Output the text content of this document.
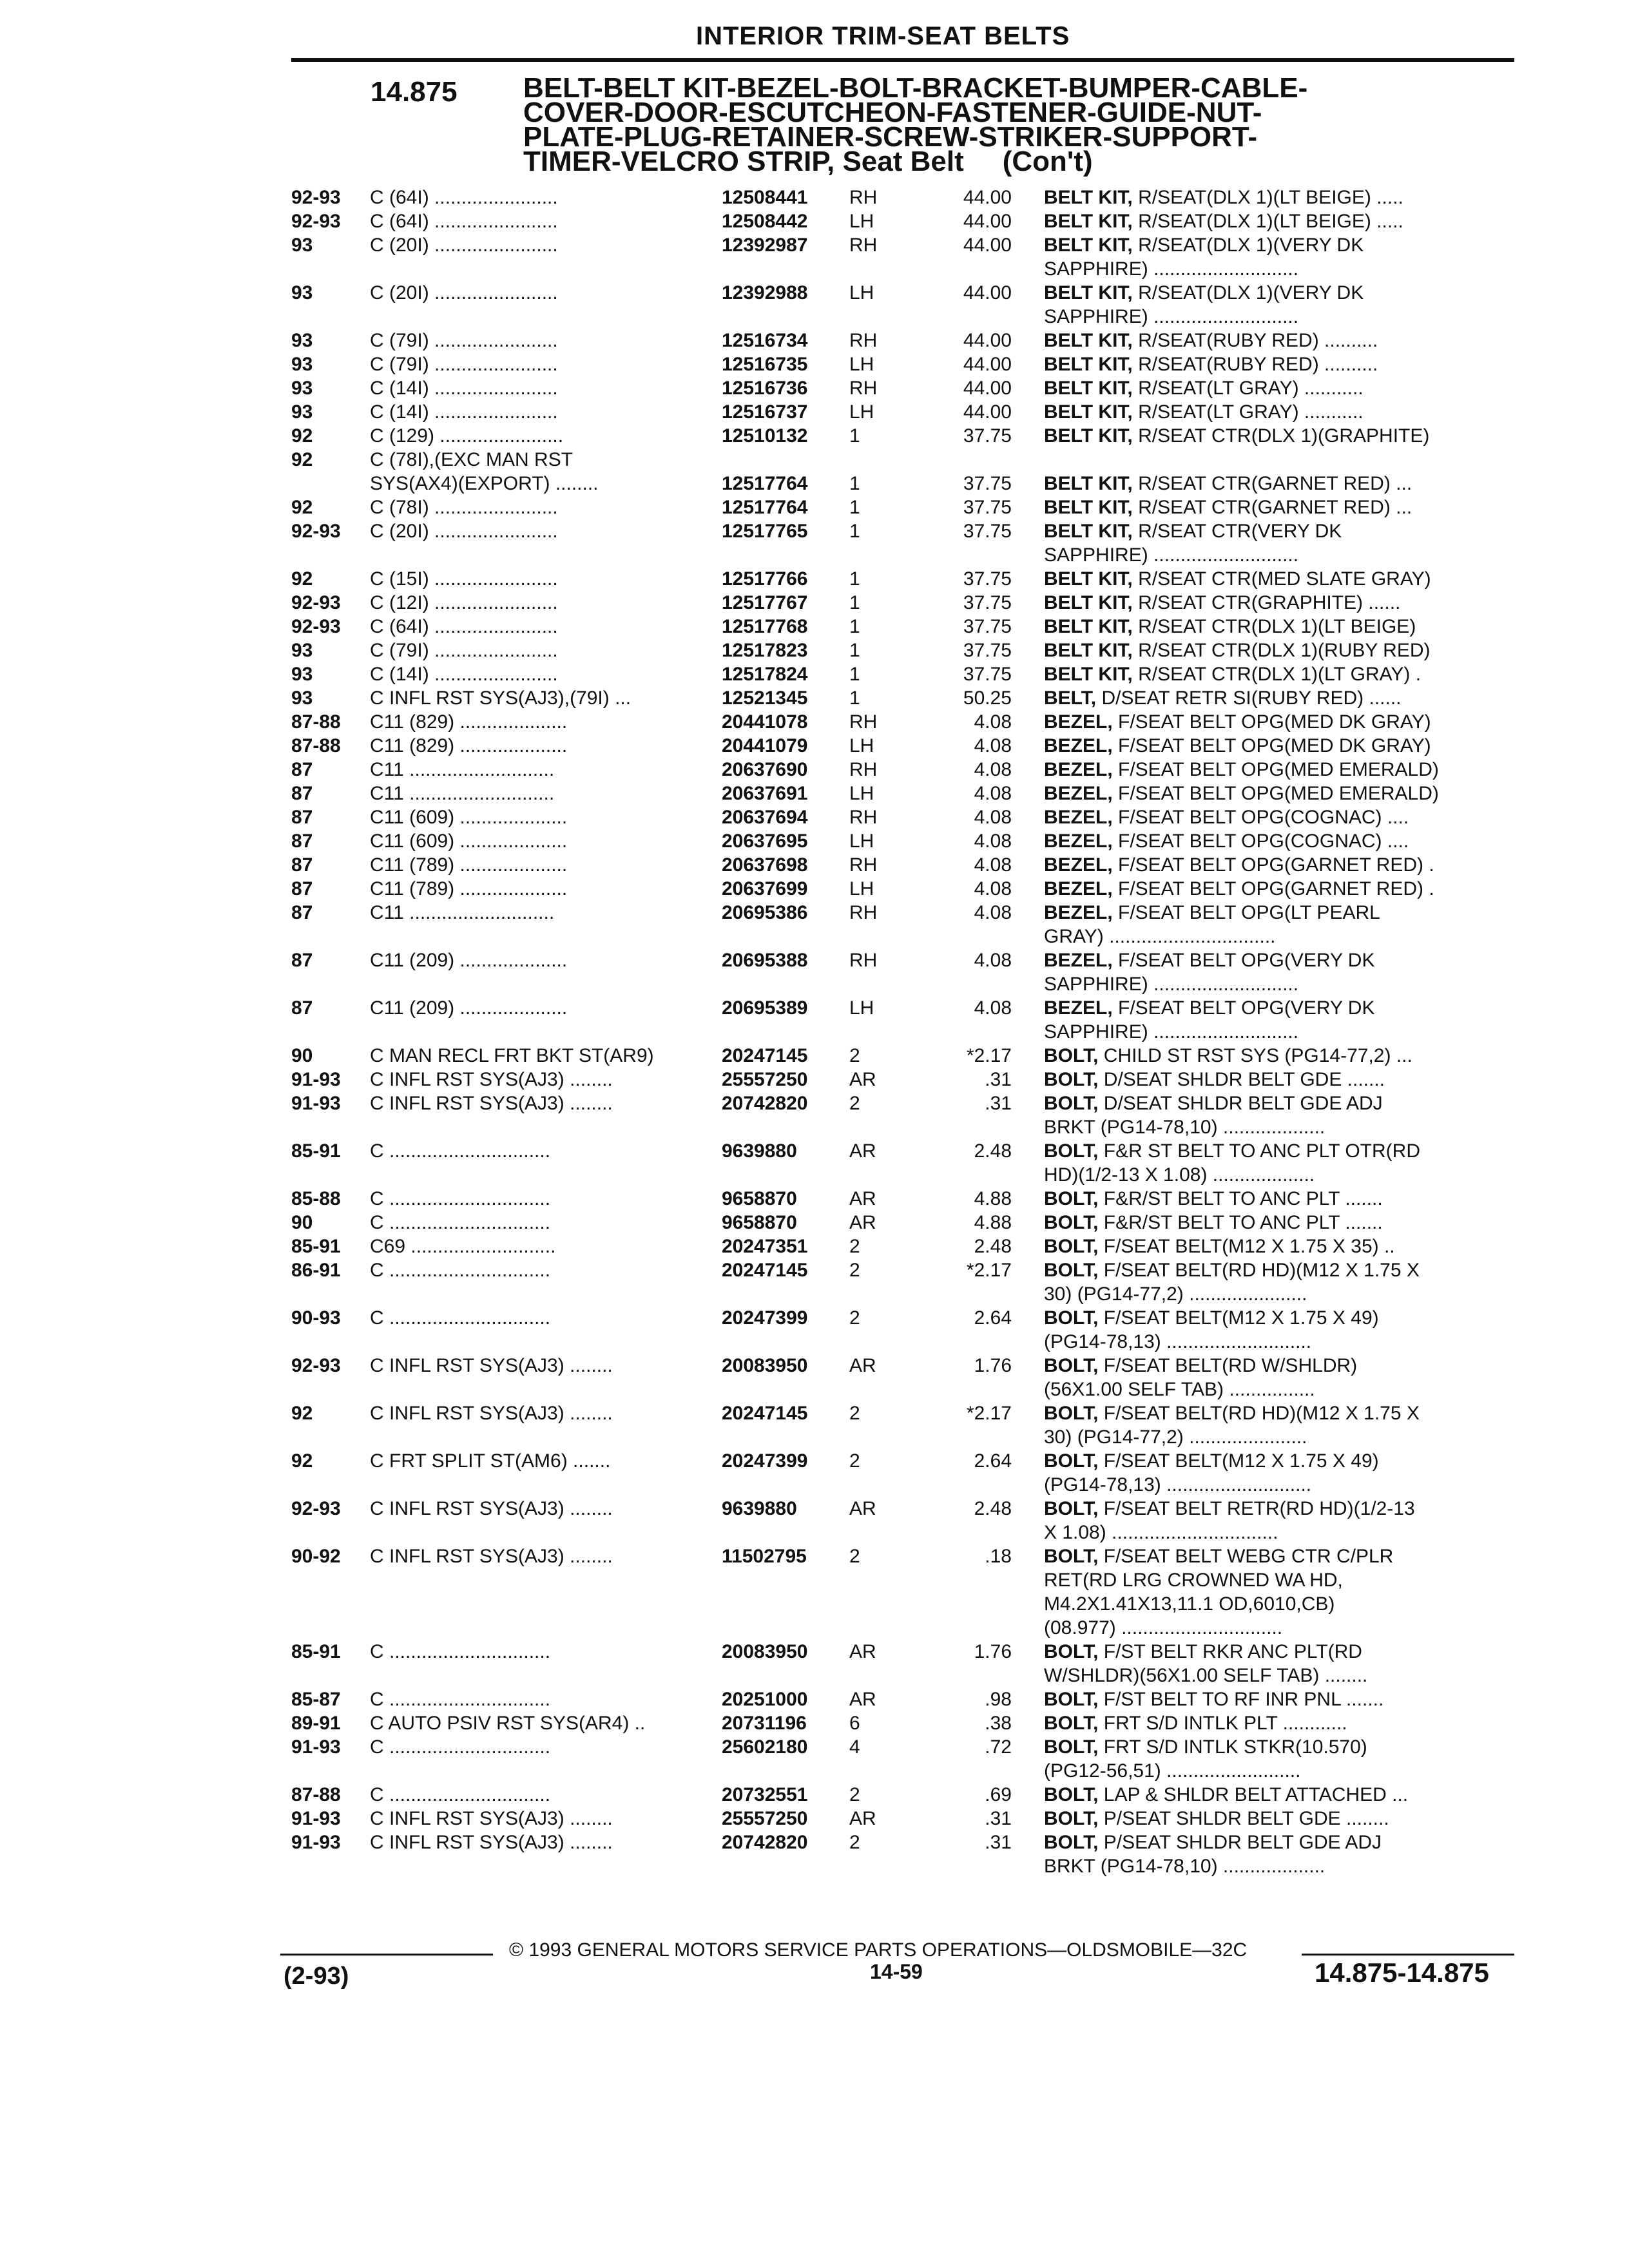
INTERIOR TRIM-SEAT BELTS
14.875 BELT-BELT KIT-BEZEL-BOLT-BRACKET-BUMPER-CABLE-
COVER-DOOR-ESCUTCHEON-FASTENER-GUIDE-NUT-
PLATE-PLUG-RETAINER-SCREW-STRIKER-SUPPORT-
TIMER-VELCRO STRIP, Seat Belt (Con't)
92-93 C (64I) .......................	12508441 RH	44.00 BELT KIT, R/SEAT(DLX 1)(LT BEIGE) .....
92-93 C (64I) .......................	12508442 LH	44.00 BELT KIT, R/SEAT(DLX 1)(LT BEIGE) .....
93	C (20I) .......................	12392987 RH	44.00 BELT KIT, R/SEAT(DLX 1)(VERY DK
SAPPHIRE) ...........................
93	C (20I) .......................	12392988 LH	44.00 BELT KIT, R/SEAT(DLX 1)(VERY DK
SAPPHIRE) ...........................
93	C (79I) .......................	12516734 RH	44.00 BELT KIT, R/SEAT(RUBY RED) ..........
93	C (79I) .......................	12516735 LH	44.00 BELT KIT, R/SEAT(RUBY RED) ..........
93	C (14I) .......................	12516736 RH	44.00 BELT KIT, R/SEAT(LT GRAY) ...........
93	C (14I) .......................	12516737 LH	44.00 BELT KIT, R/SEAT(LT GRAY) ...........
92	C (129) .......................	12510132 1	37.75 BELT KIT, R/SEAT CTR(DLX 1)(GRAPHITE)
92	C (78I),(EXC MAN RST
SYS(AX4)(EXPORT) ........	12517764 1	37.75 BELT KIT, R/SEAT CTR(GARNET RED) ...
92	C (78I) .......................	12517764 1	37.75 BELT KIT, R/SEAT CTR(GARNET RED) ...
92-93 C (20I) .......................	12517765 1	37.75 BELT KIT, R/SEAT CTR(VERY DK
SAPPHIRE) ...........................
92	C (15I) .......................	12517766 1	37.75 BELT KIT, R/SEAT CTR(MED SLATE GRAY)
92-93 C (12I) .......................	12517767 1	37.75 BELT KIT, R/SEAT CTR(GRAPHITE) ......
92-93 C (64I) .......................	12517768 1	37.75 BELT KIT, R/SEAT CTR(DLX 1)(LT BEIGE)
93	C (79I) .......................	12517823 1	37.75 BELT KIT, R/SEAT CTR(DLX 1)(RUBY RED)
93	C (14I) .......................	12517824 1	37.75 BELT KIT, R/SEAT CTR(DLX 1)(LT GRAY) .
93	C INFL RST SYS(AJ3),(79I) ...	12521345 1	50.25 BELT, D/SEAT RETR SI(RUBY RED) ......
87-88 C11 (829) ....................	20441078 RH	4.08 BEZEL, F/SEAT BELT OPG(MED DK GRAY)
87-88 C11 (829) ....................	20441079 LH	4.08 BEZEL, F/SEAT BELT OPG(MED DK GRAY)
87	C11 ...........................	20637690 RH	4.08 BEZEL, F/SEAT BELT OPG(MED EMERALD)
87	C11 ...........................	20637691 LH	4.08 BEZEL, F/SEAT BELT OPG(MED EMERALD)
87	C11 (609) ....................	20637694 RH	4.08 BEZEL, F/SEAT BELT OPG(COGNAC) ....
87	C11 (609) ....................	20637695 LH	4.08 BEZEL, F/SEAT BELT OPG(COGNAC) ....
87	C11 (789) ....................	20637698 RH	4.08 BEZEL, F/SEAT BELT OPG(GARNET RED) .
87	C11 (789) ....................	20637699 LH	4.08 BEZEL, F/SEAT BELT OPG(GARNET RED) .
87	C11 ...........................	20695386 RH	4.08 BEZEL, F/SEAT BELT OPG(LT PEARL
GRAY) ...............................
87	C11 (209) ....................	20695388 RH	4.08 BEZEL, F/SEAT BELT OPG(VERY DK
SAPPHIRE) ...........................
87	C11 (209) ....................	20695389 LH	4.08 BEZEL, F/SEAT BELT OPG(VERY DK
SAPPHIRE) ...........................
90	C MAN RECL FRT BKT ST(AR9)	20247145 2	*2.17 BOLT, CHILD ST RST SYS (PG14-77,2) ...
91-93 C INFL RST SYS(AJ3) ........	25557250 AR	.31 BOLT, D/SEAT SHLDR BELT GDE .......
91-93 C INFL RST SYS(AJ3) ........	20742820 2	.31 BOLT, D/SEAT SHLDR BELT GDE ADJ
BRKT (PG14-78,10) ...................
85-91 C ..............................	9639880	AR	2.48 BOLT, F&R ST BELT TO ANC PLT OTR(RD
HD)(1/2-13 X 1.08) ...................
85-88 C ..............................	9658870	AR	4.88 BOLT, F&R/ST BELT TO ANC PLT .......
90	C ..............................	9658870	AR	4.88 BOLT, F&R/ST BELT TO ANC PLT .......
85-91 C69 ...........................	20247351 2	2.48 BOLT, F/SEAT BELT(M12 X 1.75 X 35) ..
86-91 C ..............................	20247145 2	*2.17 BOLT, F/SEAT BELT(RD HD)(M12 X 1.75 X
30) (PG14-77,2) ......................
90-93 C ..............................	20247399 2	2.64 BOLT, F/SEAT BELT(M12 X 1.75 X 49)
(PG14-78,13) ...........................
92-93 C INFL RST SYS(AJ3) ........	20083950 AR	1.76 BOLT, F/SEAT BELT(RD W/SHLDR)
(56X1.00 SELF TAB) ................
92	C INFL RST SYS(AJ3) ........	20247145 2	*2.17 BOLT, F/SEAT BELT(RD HD)(M12 X 1.75 X
30) (PG14-77,2) ......................
92	C FRT SPLIT ST(AM6) .......	20247399 2	2.64 BOLT, F/SEAT BELT(M12 X 1.75 X 49)
(PG14-78,13) ...........................
92-93 C INFL RST SYS(AJ3) ........	9639880	AR	2.48 BOLT, F/SEAT BELT RETR(RD HD)(1/2-13
X 1.08) ...............................
90-92 C INFL RST SYS(AJ3) ........	11502795 2	.18 BOLT, F/SEAT BELT WEBG CTR C/PLR
RET(RD LRG CROWNED WA HD,
M4.2X1.41X13,11.1 OD,6010,CB)
(08.977) ..............................
85-91 C ..............................	20083950 AR	1.76 BOLT, F/ST BELT RKR ANC PLT(RD
W/SHLDR)(56X1.00 SELF TAB) ........
85-87 C ..............................	20251000 AR	.98 BOLT, F/ST BELT TO RF INR PNL .......
89-91 C AUTO PSIV RST SYS(AR4) ..	20731196 6	.38 BOLT, FRT S/D INTLK PLT ............
91-93 C ..............................	25602180 4	.72 BOLT, FRT S/D INTLK STKR(10.570)
(PG12-56,51) .........................
87-88 C ..............................	20732551 2	.69 BOLT, LAP & SHLDR BELT ATTACHED ...
91-93 C INFL RST SYS(AJ3) ........	25557250 AR	.31 BOLT, P/SEAT SHLDR BELT GDE ........
91-93 C INFL RST SYS(AJ3) ........	20742820 2	.31 BOLT, P/SEAT SHLDR BELT GDE ADJ
BRKT (PG14-78,10) ...................
© 1993 GENERAL MOTORS SERVICE PARTS OPERATIONS—OLDSMOBILE—32C
(2-93)	14-59	14.875-14.875
